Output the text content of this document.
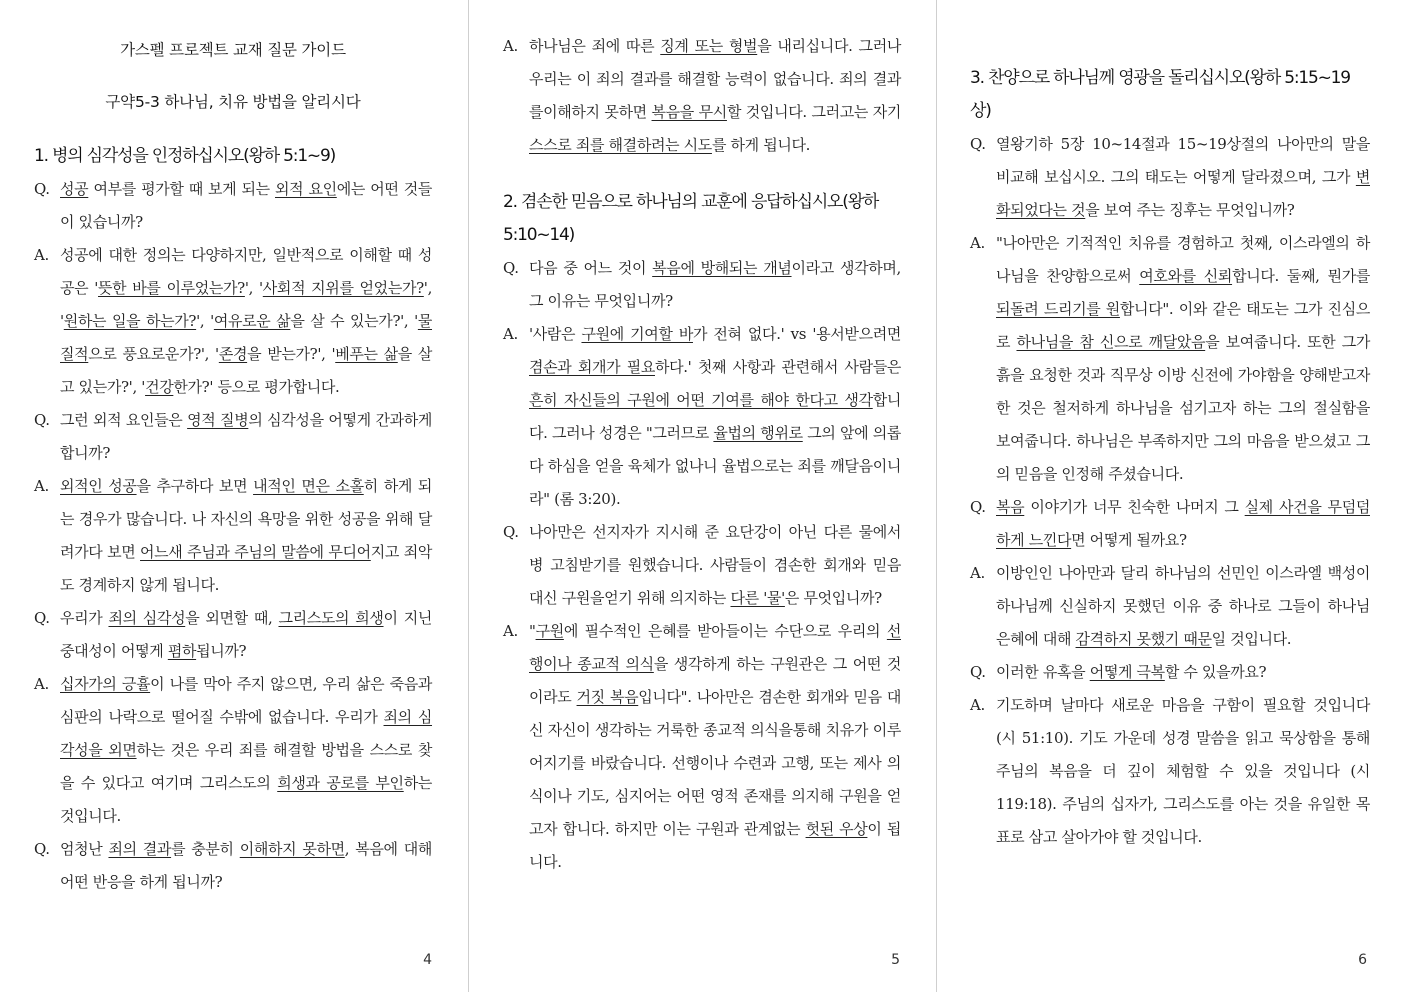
가스펠 프로젝트 교재 질문 가이드
구약5-3 하나님, 치유 방법을 알리시다
1. 병의 심각성을 인정하십시오(왕하 5:1~9)
Q. 성공 여부를 평가할 때 보게 되는 외적 요인에는 어떤 것들이 있습니까?
A. 성공에 대한 정의는 다양하지만, 일반적으로 이해할 때 성공은 '뜻한 바를 이루었는가?', '사회적 지위를 얻었는가?', '원하는 일을 하는가?', '여유로운 삶을 살 수 있는가?', '물질적으로 풍요로운가?', '존경을 받는가?', '베푸는 삶을 살고 있는가?', '건강한가?' 등으로 평가합니다.
Q. 그런 외적 요인들은 영적 질병의 심각성을 어떻게 간과하게 합니까?
A. 외적인 성공을 추구하다 보면 내적인 면은 소홀히 하게 되는 경우가 많습니다. 나 자신의 욕망을 위한 성공을 위해 달려가다 보면 어느새 주님과 주님의 말씀에 무디어지고 죄악도 경계하지 않게 됩니다.
Q. 우리가 죄의 심각성을 외면할 때, 그리스도의 희생이 지닌 중대성이 어떻게 폄하됩니까?
A. 십자가의 긍휼이 나를 막아 주지 않으면, 우리 삶은 죽음과 심판의 나락으로 떨어질 수밖에 없습니다. 우리가 죄의 심각성을 외면하는 것은 우리 죄를 해결할 방법을 스스로 찾을 수 있다고 여기며 그리스도의 희생과 공로를 부인하는 것입니다.
Q. 엄청난 죄의 결과를 충분히 이해하지 못하면, 복음에 대해 어떤 반응을 하게 됩니까?
4
A. 하나님은 죄에 따른 징계 또는 형벌을 내리십니다. 그러나 우리는 이 죄의 결과를 해결할 능력이 없습니다. 죄의 결과를이해하지 못하면 복음을 무시할 것입니다. 그러고는 자기 스스로 죄를 해결하려는 시도를 하게 됩니다.
2. 겸손한 믿음으로 하나님의 교훈에 응답하십시오(왕하 5:10~14)
Q. 다음 중 어느 것이 복음에 방해되는 개념이라고 생각하며, 그 이유는 무엇입니까?
A. '사람은 구원에 기여할 바가 전혀 없다.' vs '용서받으려면 겸손과 회개가 필요하다.' 첫째 사항과 관련해서 사람들은 흔히 자신들의 구원에 어떤 기여를 해야 한다고 생각합니다. 그러나 성경은 "그러므로 율법의 행위로 그의 앞에 의롭다 하심을 얻을 육체가 없나니 율법으로는 죄를 깨달음이니라" (롬 3:20).
Q. 나아만은 선지자가 지시해 준 요단강이 아닌 다른 물에서 병 고침받기를 원했습니다. 사람들이 겸손한 회개와 믿음 대신 구원을얻기 위해 의지하는 다른 '물'은 무엇입니까?
A. "구원에 필수적인 은혜를 받아들이는 수단으로 우리의 선행이나 종교적 의식을 생각하게 하는 구원관은 그 어떤 것이라도 거짓 복음입니다". 나아만은 겸손한 회개와 믿음 대신 자신이 생각하는 거룩한 종교적 의식을통해 치유가 이루어지기를 바랐습니다. 선행이나 수련과 고행, 또는 제사 의식이나 기도, 심지어는 어떤 영적 존재를 의지해 구원을 얻고자 합니다. 하지만 이는 구원과 관계없는 헛된 우상이 됩니다.
5
3. 찬양으로 하나님께 영광을 돌리십시오(왕하 5:15~19상)
Q. 열왕기하 5장 10~14절과 15~19상절의 나아만의 말을 비교해 보십시오. 그의 태도는 어떻게 달라졌으며, 그가 변화되었다는 것을 보여 주는 징후는 무엇입니까?
A. "나아만은 기적적인 치유를 경험하고 첫째, 이스라엘의 하나님을 찬양함으로써 여호와를 신뢰합니다. 둘째, 뭔가를 되돌려 드리기를 원합니다". 이와 같은 태도는 그가 진심으로 하나님을 참 신으로 깨달았음을 보여줍니다. 또한 그가 흙을 요청한 것과 직무상 이방 신전에 가야함을 양해받고자 한 것은 철저하게 하나님을 섬기고자 하는 그의 절실함을 보여줍니다. 하나님은 부족하지만 그의 마음을 받으셨고 그의 믿음을 인정해 주셨습니다.
Q. 복음 이야기가 너무 친숙한 나머지 그 실제 사건을 무덤덤하게 느낀다면 어떻게 될까요?
A. 이방인인 나아만과 달리 하나님의 선민인 이스라엘 백성이 하나님께 신실하지 못했던 이유 중 하나로 그들이 하나님 은혜에 대해 감격하지 못했기 때문일 것입니다.
Q. 이러한 유혹을 어떻게 극복할 수 있을까요?
A. 기도하며 날마다 새로운 마음을 구함이 필요할 것입니다 (시 51:10). 기도 가운데 성경 말씀을 읽고 묵상함을 통해 주님의 복음을 더 깊이 체험할 수 있을 것입니다 (시 119:18). 주님의 십자가, 그리스도를 아는 것을 유일한 목표로 삼고 살아가야 할 것입니다.
6
